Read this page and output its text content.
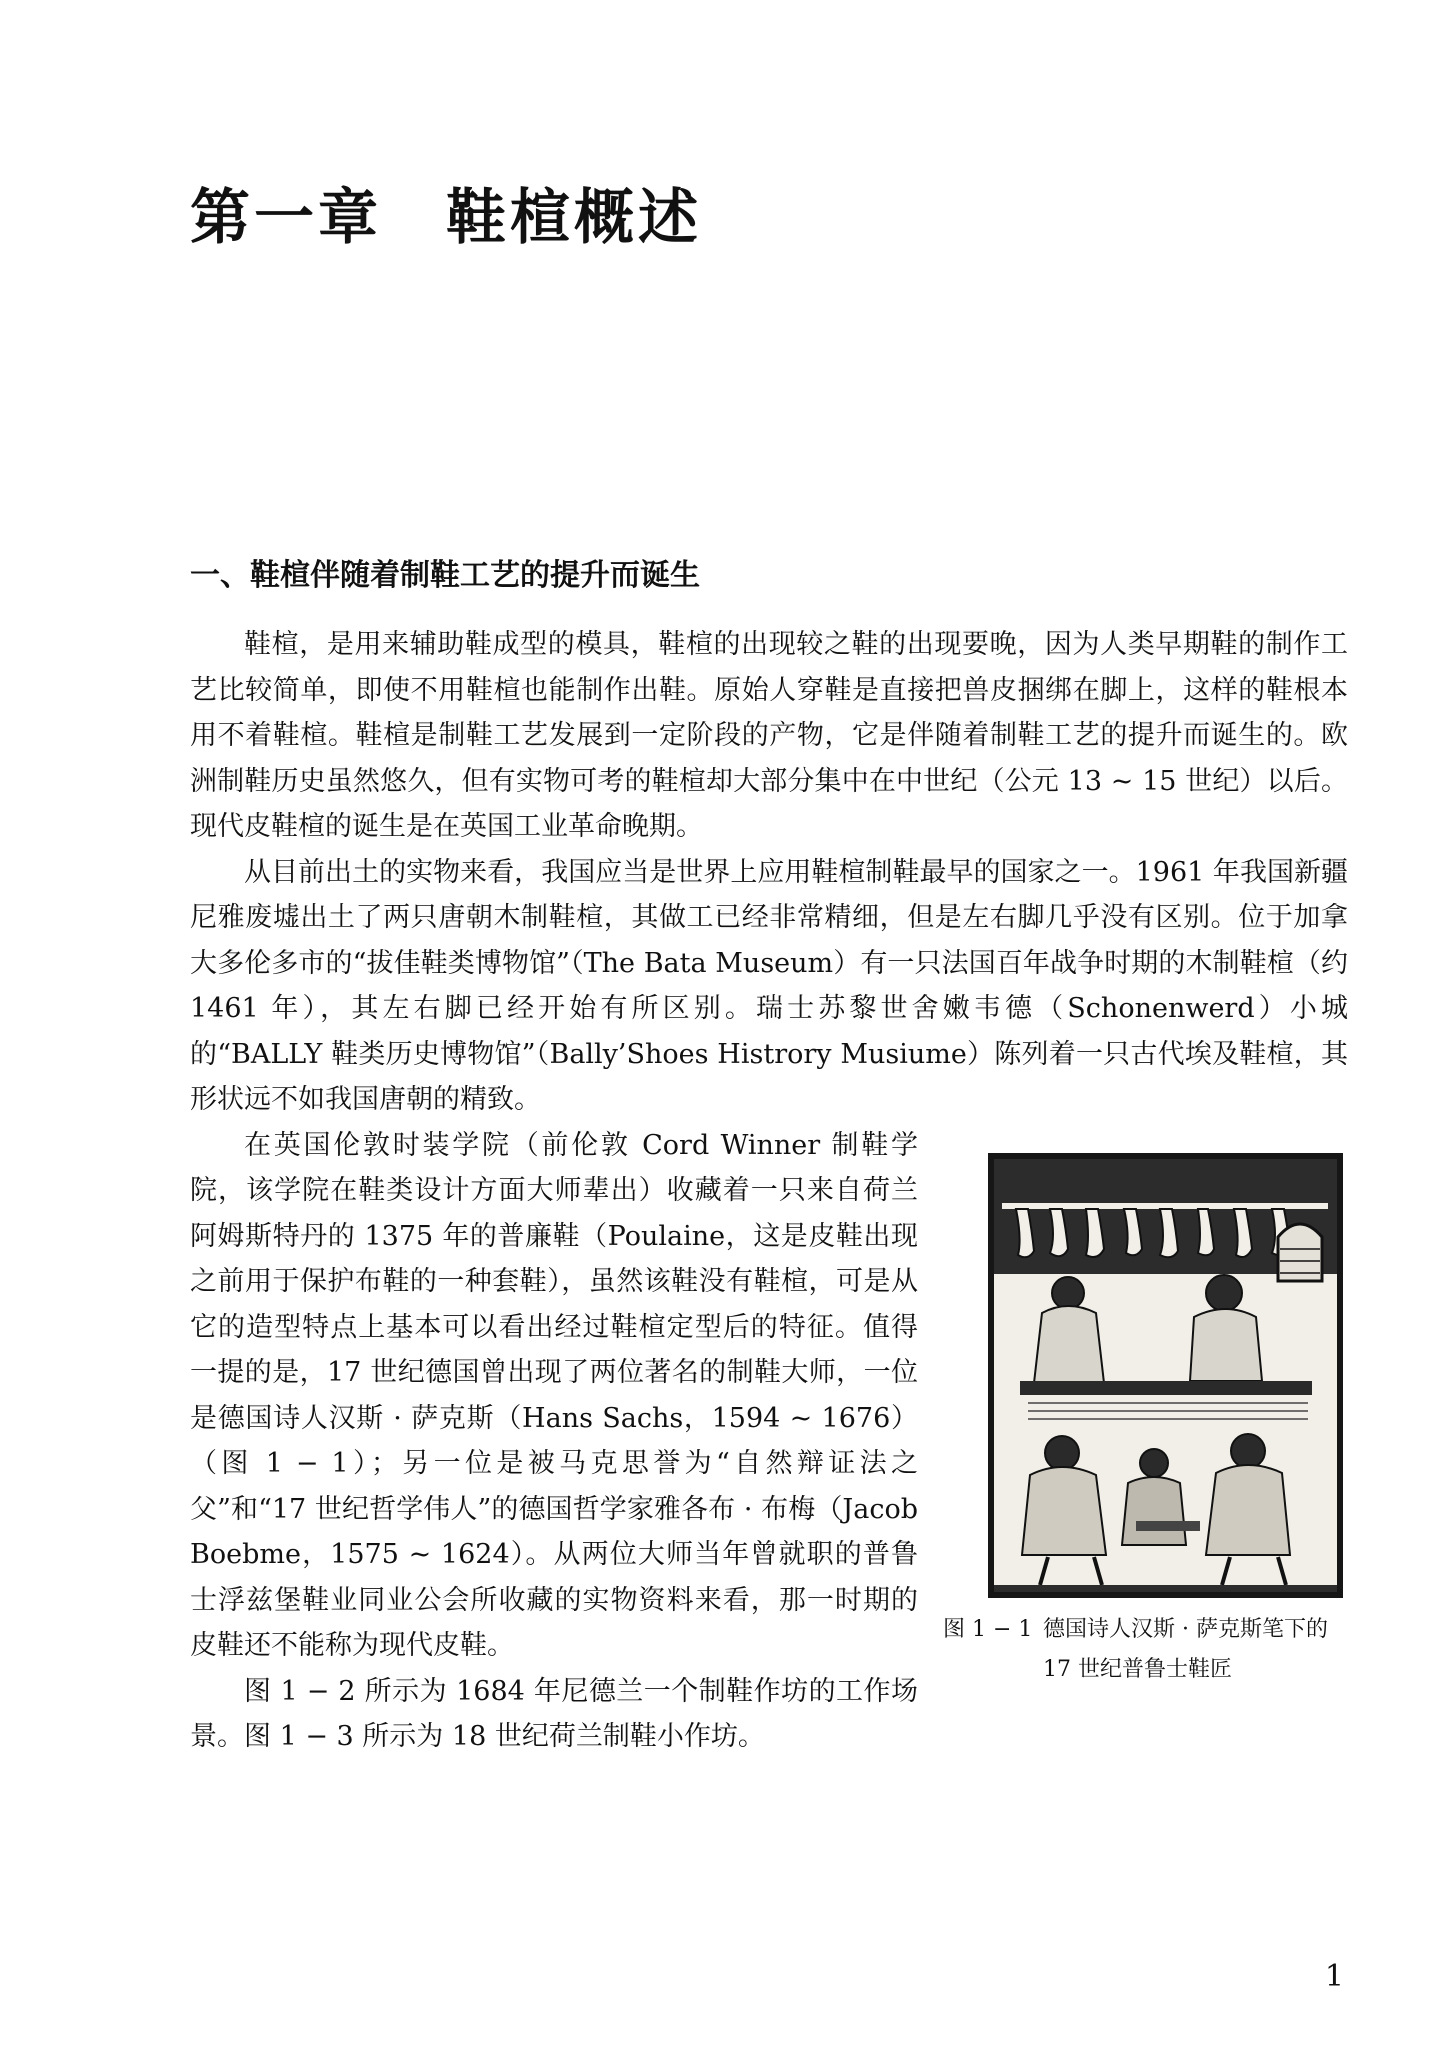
第一章　鞋楦概述
一、鞋楦伴随着制鞋工艺的提升而诞生

鞋楦，是用来辅助鞋成型的模具，鞋楦的出现较之鞋的出现要晚，因为人类早期鞋的制作工艺比较简单，即使不用鞋楦也能制作出鞋。原始人穿鞋是直接把兽皮捆绑在脚上，这样的鞋根本用不着鞋楦。鞋楦是制鞋工艺发展到一定阶段的产物，它是伴随着制鞋工艺的提升而诞生的。欧洲制鞋历史虽然悠久，但有实物可考的鞋楦却大部分集中在中世纪（公元 13 ~ 15 世纪）以后。现代皮鞋楦的诞生是在英国工业革命晚期。

从目前出土的实物来看，我国应当是世界上应用鞋楦制鞋最早的国家之一。1961 年我国新疆尼雅废墟出土了两只唐朝木制鞋楦，其做工已经非常精细，但是左右脚几乎没有区别。位于加拿大多伦多市的“拔佳鞋类博物馆”（The Bata Museum）有一只法国百年战争时期的木制鞋楦（约 1461 年），其左右脚已经开始有所区别。瑞士苏黎世舍嫩韦德（Schonenwerd）小城的“BALLY 鞋类历史博物馆”（Bally’Shoes Histrory Musiume）陈列着一只古代埃及鞋楦，其形状远不如我国唐朝的精致。

图 1 − 1 德国诗人汉斯 · 萨克斯笔下的 17 世纪普鲁士鞋匠

在英国伦敦时装学院（前伦敦 Cord Winner 制鞋学院，该学院在鞋类设计方面大师辈出）收藏着一只来自荷兰阿姆斯特丹的 1375 年的普廉鞋（Poulaine，这是皮鞋出现之前用于保护布鞋的一种套鞋），虽然该鞋没有鞋楦，可是从它的造型特点上基本可以看出经过鞋楦定型后的特征。值得一提的是，17 世纪德国曾出现了两位著名的制鞋大师，一位是德国诗人汉斯 · 萨克斯（Hans Sachs，1594 ~ 1676）（图 1 − 1）；另一位是被马克思誉为“自然辩证法之父”和“17 世纪哲学伟人”的德国哲学家雅各布 · 布梅（Jacob Boebme，1575 ~ 1624）。从两位大师当年曾就职的普鲁士浮兹堡鞋业同业公会所收藏的实物资料来看，那一时期的皮鞋还不能称为现代皮鞋。

图 1 − 2 所示为 1684 年尼德兰一个制鞋作坊的工作场景。图 1 − 3 所示为 18 世纪荷兰制鞋小作坊。

1
